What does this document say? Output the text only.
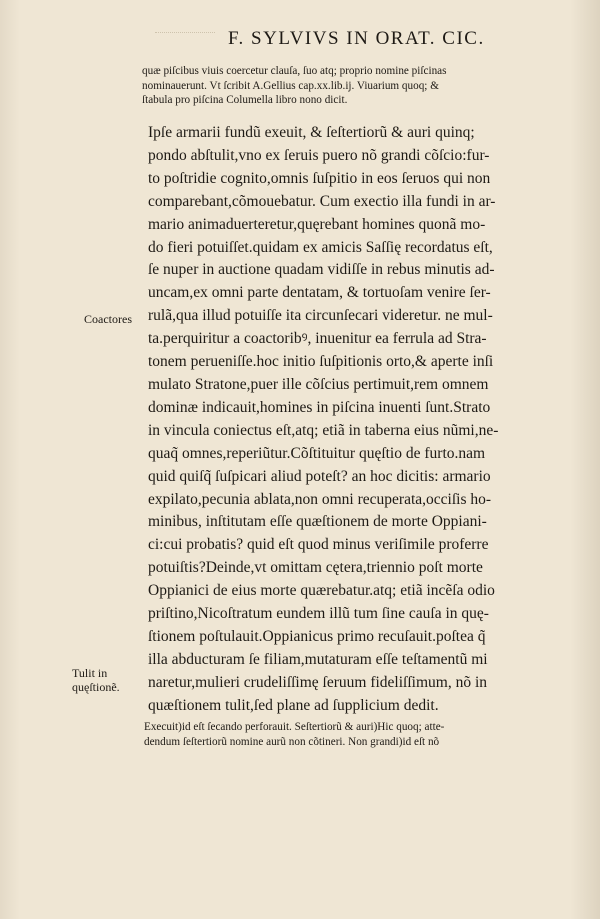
F. SYLVIVS IN ORAT. CIC.
quæ piſcibus viuis coercetur clauſa, ſuo atq; proprio nomine piſcinas
nominauerunt. Vt ſcribit A.Gellius cap.xx.lib.ij. Viuarium quoq; &
ſtabula pro piſcina Columella libro nono dicit.
Ipſe armarii fundũ exeuit, & ſeſtertiorũ & auri quinq;
pondo abſtulit,vno ex ſeruis puero nõ grandi cõſcio:fur-
to poſtridie cognito,omnis ſuſpitio in eos ſeruos qui non
comparebant,cõmouebatur. Cum exectio illa fundi in ar-
mario animaduerteretur,quęrebant homines quonã mo-
do fieri potuiſſet.quidam ex amicis Saſſię recordatus eſt,
ſe nuper in auctione quadam vidiſſe in rebus minutis ad-
uncam,ex omni parte dentatam, & tortuoſam venire ſer-
rulã,qua illud potuiſſe ita circunſecari videretur. ne mul-
ta.perquiritur a coactoribꝰ, inuenitur ea ferrula ad Stra-
tonem perueniſſe.hoc initio ſuſpitionis orto,& aperte inſi
mulato Stratone,puer ille cõſcius pertimuit,rem omnem
dominæ indicauit,homines in piſcina inuenti ſunt.Strato
in vincula coniectus eſt,atq; etiã in taberna eius nũmi,ne-
quaq̃ omnes,reperiũtur.Cõſtituitur quęſtio de furto.nam
quid quiſq̃ ſuſpicari aliud poteſt? an hoc dicitis: armario
expilato,pecunia ablata,non omni recuperata,occiſis ho-
minibus, inſtitutam eſſe quæſtionem de morte Oppiani-
ci:cui probatis? quid eſt quod minus veriſimile proferre
potuiſtis?Deinde,vt omittam cętera,triennio poſt morte
Oppianici de eius morte quærebatur.atq; etiã incẽſa odio
priſtino,Nicoſtratum eundem illũ tum ſine cauſa in quę-
ſtionem poſtulauit.Oppianicus primo recuſauit.poſtea q̃
illa abducturam ſe filiam,mutaturam eſſe teſtamentũ mi
naretur,mulieri crudeliſſimę ſeruum fideliſſimum, nõ in
quæſtionem tulit,ſed plane ad ſupplicium dedit.
Coactores
Tulit in
quęſtionẽ.
Execuit)id eſt ſecando perforauit. Seſtertiorũ & auri)Hic quoq; atte-
dendum ſeſtertiorũ nomine aurũ non cõtineri. Non grandi)id eſt nõ
